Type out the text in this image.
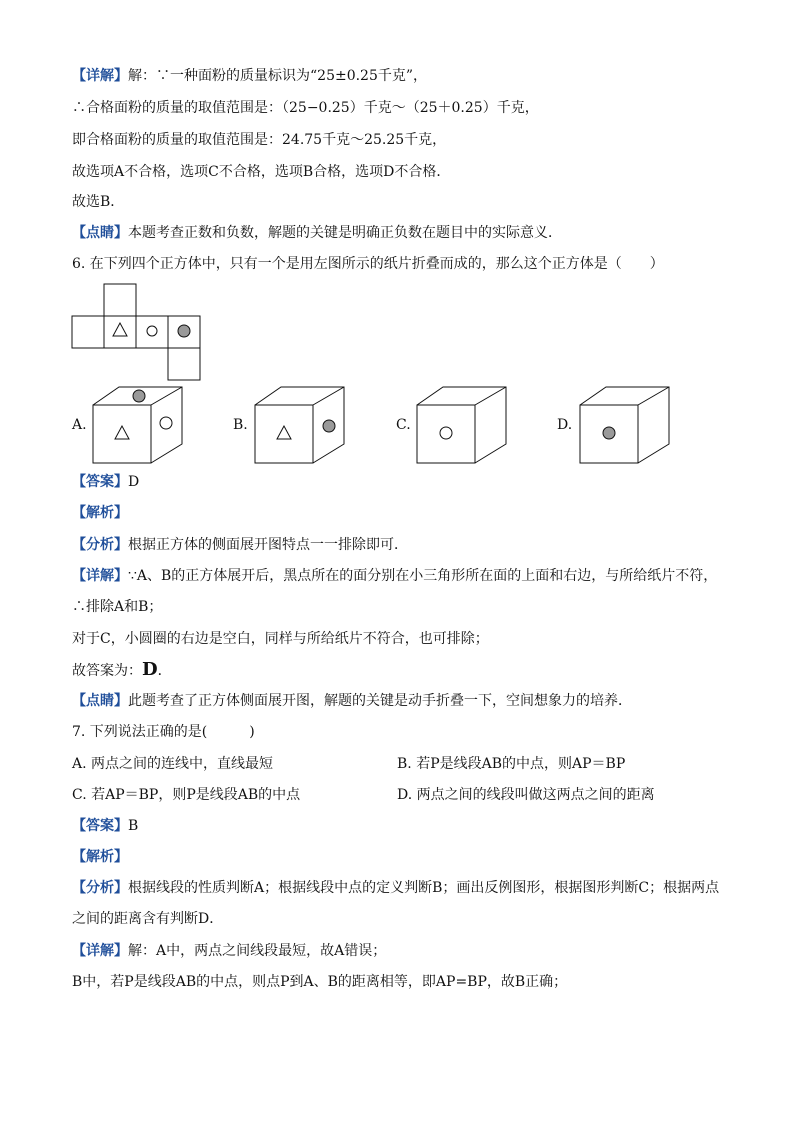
【详解】解：∵一种面粉的质量标识为“25±0.25千克”，
∴合格面粉的质量的取值范围是：（25−0.25）千克～（25＋0.25）千克，
即合格面粉的质量的取值范围是：24.75千克～25.25千克，
故选项A不合格，选项C不合格，选项B合格，选项D不合格．
故选B．
【点睛】本题考查正数和负数，解题的关键是明确正负数在题目中的实际意义．
6. 在下列四个正方体中，只有一个是用左图所示的纸片折叠而成的，那么这个正方体是（　　）
A.	B.	C.	D.
【答案】D
【解析】
【分析】根据正方体的侧面展开图特点一一排除即可．
【详解】∵A、B的正方体展开后，黑点所在的面分别在小三角形所在面的上面和右边，与所给纸片不符，
∴排除A和B；
对于C，小圆圈的右边是空白，同样与所给纸片不符合，也可排除；
故答案为：D．
【点睛】此题考查了正方体侧面展开图，解题的关键是动手折叠一下，空间想象力的培养．
7. 下列说法正确的是(　　　)
A. 两点之间的连线中，直线最短	B. 若P是线段AB的中点，则AP＝BP
C. 若AP＝BP，则P是线段AB的中点	D. 两点之间的线段叫做这两点之间的距离
【答案】B
【解析】
【分析】根据线段的性质判断A；根据线段中点的定义判断B；画出反例图形，根据图形判断C；根据两点
之间的距离含有判断D．
【详解】解：A中，两点之间线段最短，故A错误；
B中，若P是线段AB的中点，则点P到A、B的距离相等，即AP=BP，故B正确；
